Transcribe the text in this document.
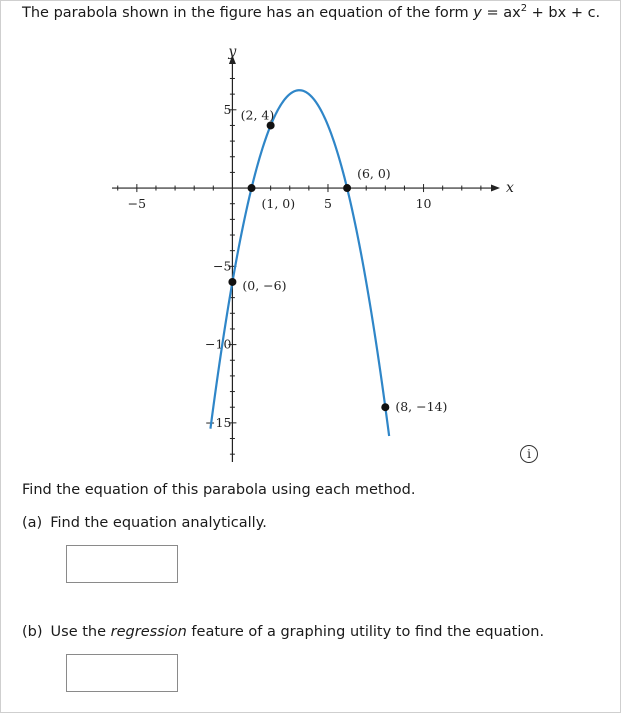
The parabola shown in the figure has an equation of the form $y = ax^2$ + bx + c.
x
y
−5	5	10
5
−5
−10
−15
(2, 4)
(1, 0)
(6, 0)
(0, −6)
(8, −14)
i
Find the equation of this parabola using each method.
(a) Find the equation analytically.
(b) Use the regression feature of a graphing utility to find the equation.
